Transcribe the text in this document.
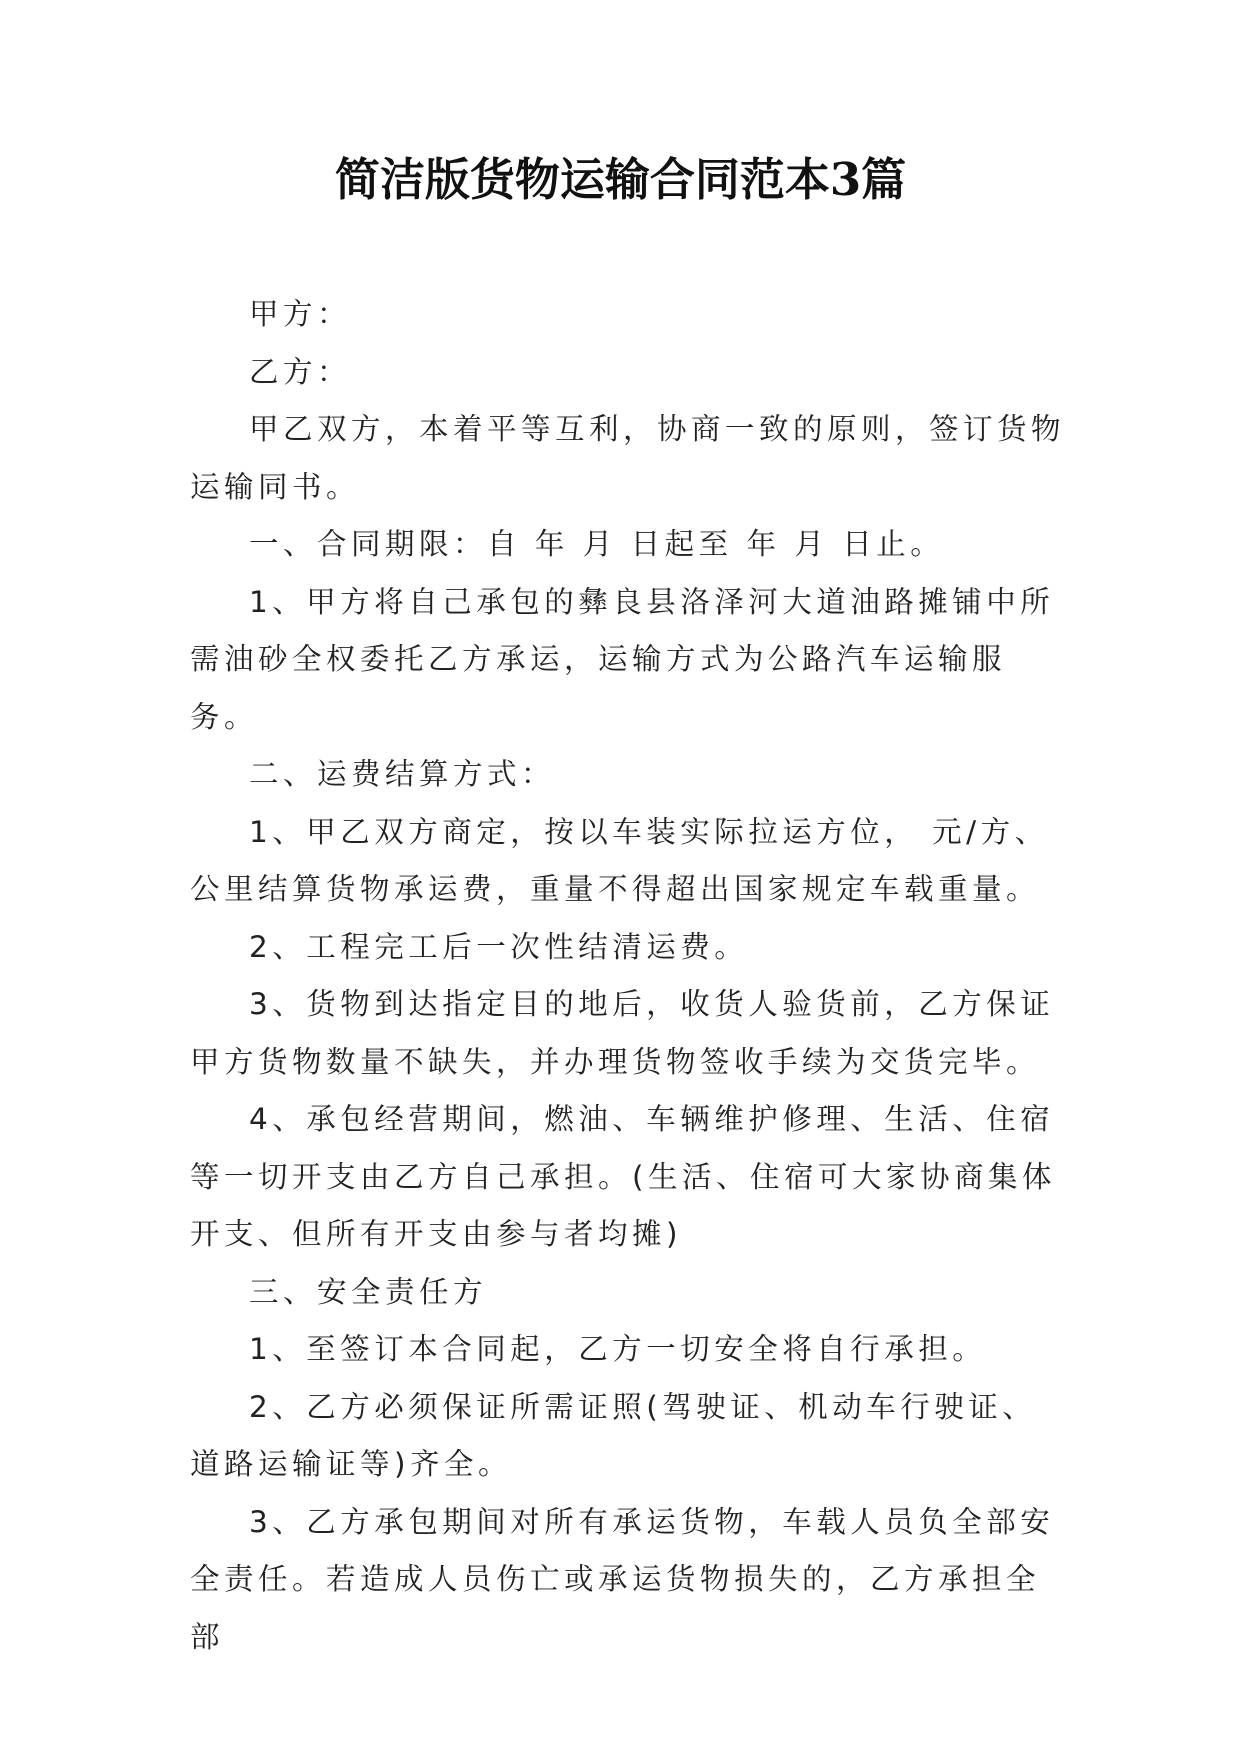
简洁版货物运输合同范本3篇

甲方：

乙方：

甲乙双方，本着平等互利，协商一致的原则，签订货物运输同书。

一、合同期限：自 年 月 日起至 年 月 日止。

1、甲方将自己承包的彝良县洛泽河大道油路摊铺中所需油砂全权委托乙方承运，运输方式为公路汽车运输服务。

二、运费结算方式：

1、甲乙双方商定，按以车装实际拉运方位， 元/方、公里结算货物承运费，重量不得超出国家规定车载重量。

2、工程完工后一次性结清运费。

3、货物到达指定目的地后，收货人验货前，乙方保证甲方货物数量不缺失，并办理货物签收手续为交货完毕。

4、承包经营期间，燃油、车辆维护修理、生活、住宿等一切开支由乙方自己承担。(生活、住宿可大家协商集体开支、但所有开支由参与者均摊)

三、安全责任方

1、至签订本合同起，乙方一切安全将自行承担。

2、乙方必须保证所需证照(驾驶证、机动车行驶证、道路运输证等)齐全。

3、乙方承包期间对所有承运货物，车载人员负全部安全责任。若造成人员伤亡或承运货物损失的，乙方承担全部
